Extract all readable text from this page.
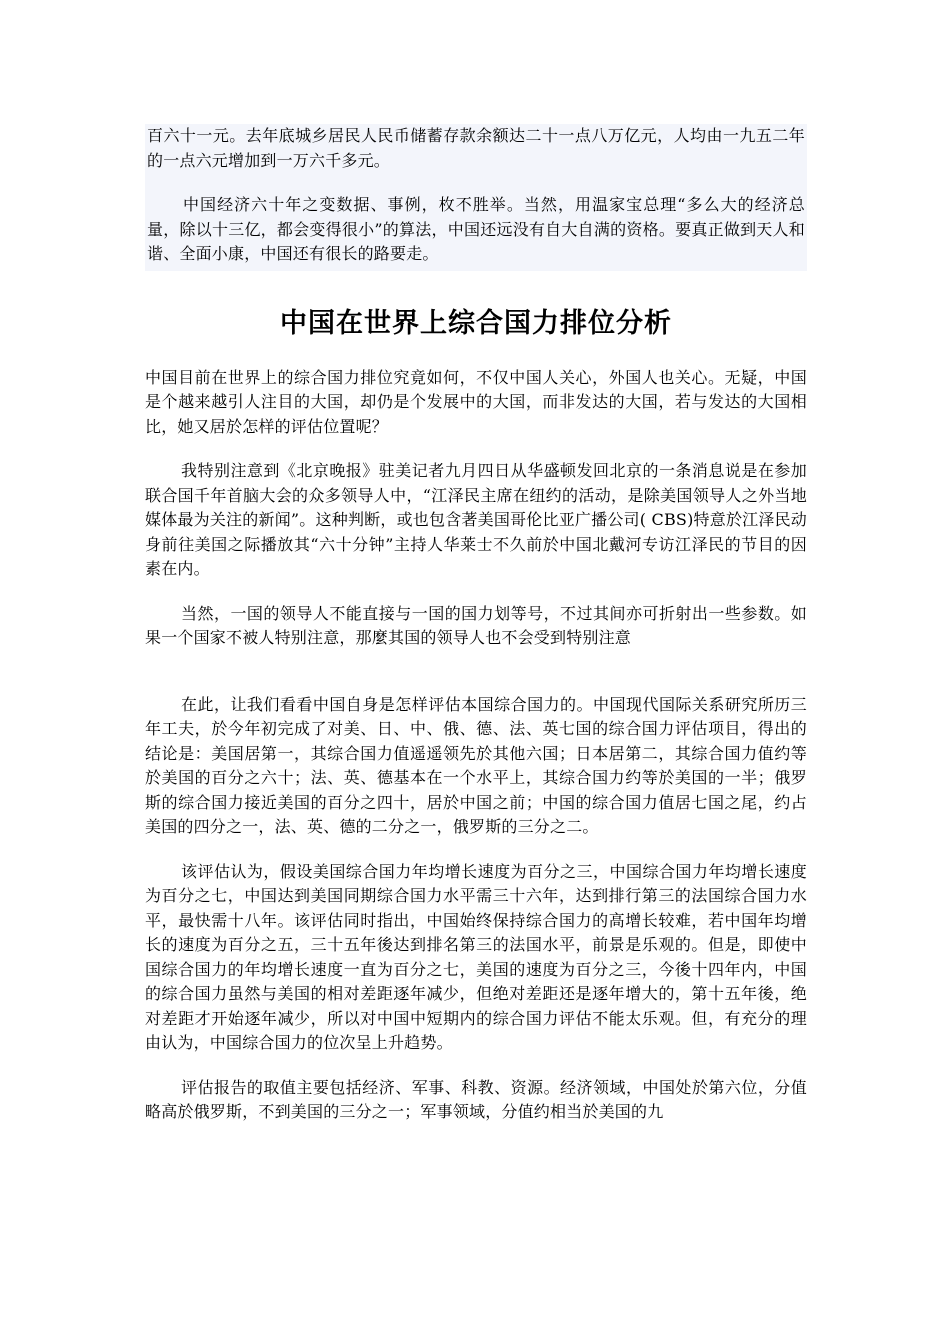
百六十一元。去年底城乡居民人民币储蓄存款余额达二十一点八万亿元，人均由一九五二年的一点六元增加到一万六千多元。

中国经济六十年之变数据、事例，枚不胜举。当然，用温家宝总理“多么大的经济总量，除以十三亿，都会变得很小”的算法，中国还远没有自大自满的资格。要真正做到天人和谐、全面小康，中国还有很长的路要走。

中国在世界上综合国力排位分析

中国目前在世界上的综合国力排位究竟如何，不仅中国人关心，外国人也关心。无疑，中国是个越来越引人注目的大国，却仍是个发展中的大国，而非发达的大国，若与发达的大国相比，她又居於怎样的评估位置呢？

我特别注意到《北京晚报》驻美记者九月四日从华盛顿发回北京的一条消息说是在参加联合国千年首脑大会的众多领导人中，“江泽民主席在纽约的活动，是除美国领导人之外当地媒体最为关注的新闻”。这种判断，或也包含著美国哥伦比亚广播公司( CBS)特意於江泽民动身前往美国之际播放其“六十分钟”主持人华莱士不久前於中国北戴河专访江泽民的节目的因素在内。

当然，一国的领导人不能直接与一国的国力划等号，不过其间亦可折射出一些参数。如果一个国家不被人特别注意，那麼其国的领导人也不会受到特别注意

在此，让我们看看中国自身是怎样评估本国综合国力的。中国现代国际关系研究所历三年工夫，於今年初完成了对美、日、中、俄、德、法、英七国的综合国力评估项目，得出的结论是：美国居第一，其综合国力值遥遥领先於其他六国；日本居第二，其综合国力值约等於美国的百分之六十；法、英、德基本在一个水平上，其综合国力约等於美国的一半；俄罗斯的综合国力接近美国的百分之四十，居於中国之前；中国的综合国力值居七国之尾，约占美国的四分之一，法、英、德的二分之一，俄罗斯的三分之二。

该评估认为，假设美国综合国力年均增长速度为百分之三，中国综合国力年均增长速度为百分之七，中国达到美国同期综合国力水平需三十六年，达到排行第三的法国综合国力水平，最快需十八年。该评估同时指出，中国始终保持综合国力的高增长较难，若中国年均增长的速度为百分之五，三十五年後达到排名第三的法国水平，前景是乐观的。但是，即使中国综合国力的年均增长速度一直为百分之七，美国的速度为百分之三，今後十四年内，中国的综合国力虽然与美国的相对差距逐年减少，但绝对差距还是逐年增大的，第十五年後，绝对差距才开始逐年减少，所以对中国中短期内的综合国力评估不能太乐观。但，有充分的理由认为，中国综合国力的位次呈上升趋势。

评估报告的取值主要包括经济、军事、科教、资源。经济领域，中国处於第六位，分值略高於俄罗斯，不到美国的三分之一；军事领域，分值约相当於美国的九
